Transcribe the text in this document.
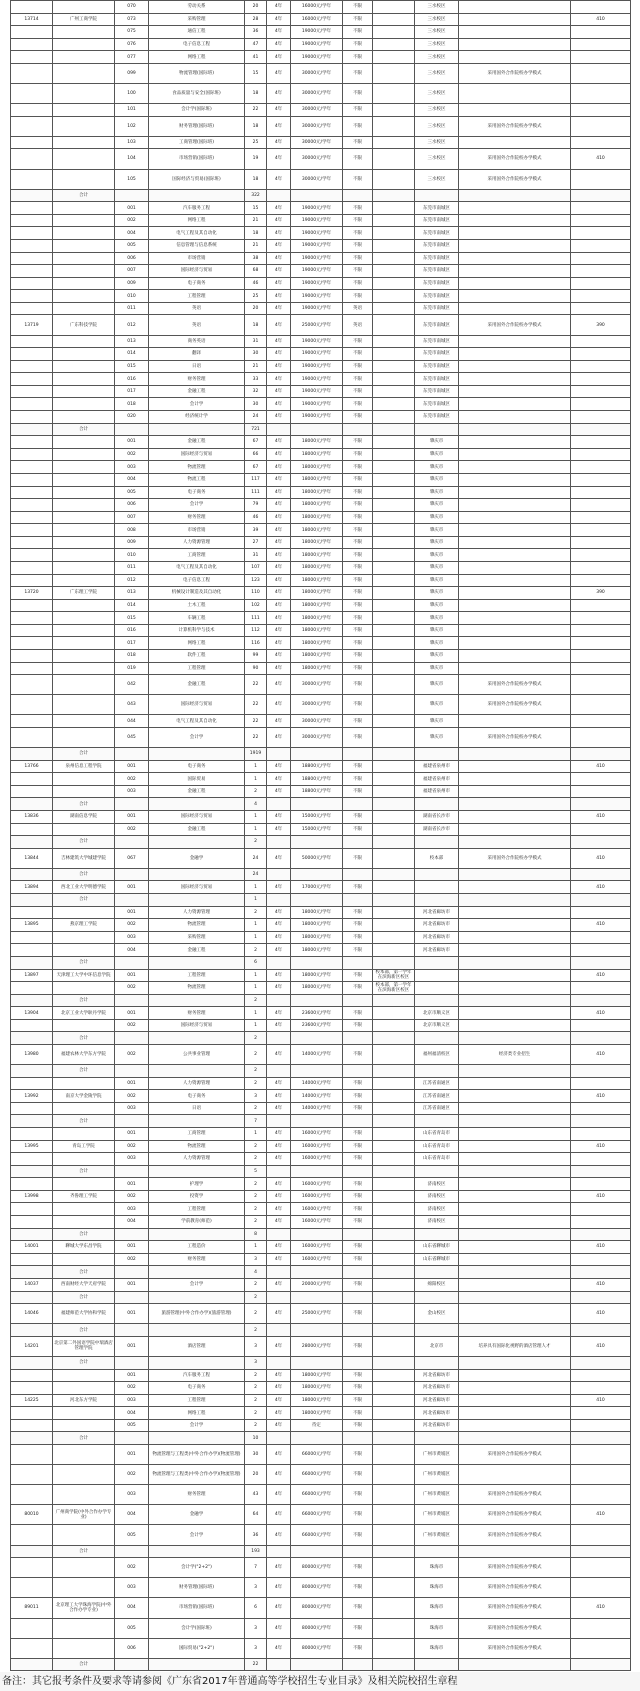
		070	劳动关系	20	4年	16000元/学年	不限		三水校区		
13714	广州工商学院	073	采购管理	28	4年	16000元/学年	不限		三水校区		410
		075	通信工程	36	4年	19000元/学年	不限		三水校区		
		076	电子信息工程	47	4年	19000元/学年	不限		三水校区		
		077	网络工程	41	4年	19000元/学年	不限		三水校区		
		099	物流管理(国际班)	15	4年	30000元/学年	不限		三水校区	采用国外合作院校办学模式	
		100	食品质量与安全(国际班)	18	4年	30000元/学年	不限		三水校区		
		101	会计学(国际班)	22	4年	30000元/学年	不限		三水校区		
		102	财务管理(国际班)	18	4年	30000元/学年	不限		三水校区	采用国外合作院校办学模式	
		103	工商管理(国际班)	25	4年	30000元/学年	不限		三水校区		
		104	市场营销(国际班)	19	4年	30000元/学年	不限		三水校区	采用国外合作院校办学模式	410
		105	国际经济与贸易(国际班)	18	4年	30000元/学年	不限		三水校区	采用国外合作院校办学模式	
	合计			322							
		001	汽车服务工程	15	4年	19000元/学年	不限		东莞市南城区		
		002	网络工程	21	4年	19000元/学年	不限		东莞市南城区		
		004	电气工程及其自动化	18	4年	19000元/学年	不限		东莞市南城区		
		005	信息管理与信息系统	21	4年	19000元/学年	不限		东莞市南城区		
		006	市场营销	38	4年	19000元/学年	不限		东莞市南城区		
		007	国际经济与贸易	68	4年	19000元/学年	不限		东莞市南城区		
		009	电子商务	46	4年	19000元/学年	不限		东莞市南城区		
		010	工程管理	25	4年	19000元/学年	不限		东莞市南城区		
		011	英语	20	4年	19000元/学年	英语		东莞市南城区		
13719	广东科技学院	012	英语	18	4年	25000元/学年	英语		东莞市南城区	采用国外合作院校办学模式	390
		013	商务英语	31	4年	19000元/学年	不限		东莞市南城区		
		014	翻译	30	4年	19000元/学年	不限		东莞市南城区		
		015	日语	21	4年	19000元/学年	不限		东莞市南城区		
		016	财务管理	33	4年	19000元/学年	不限		东莞市南城区		
		017	金融工程	32	4年	19000元/学年	不限		东莞市南城区		
		018	会计学	30	4年	19000元/学年	不限		东莞市南城区		
		020	经济统计学	24	4年	19000元/学年	不限		东莞市南城区		
	合计			721							
		001	金融工程	67	4年	18000元/学年	不限		肇庆市		
		002	国际经济与贸易	66	4年	18000元/学年	不限		肇庆市		
		003	物流管理	67	4年	18000元/学年	不限		肇庆市		
		004	物流工程	117	4年	18000元/学年	不限		肇庆市		
		005	电子商务	111	4年	18000元/学年	不限		肇庆市		
		006	会计学	79	4年	18000元/学年	不限		肇庆市		
		007	财务管理	46	4年	18000元/学年	不限		肇庆市		
		008	市场营销	39	4年	18000元/学年	不限		肇庆市		
		009	人力资源管理	27	4年	18000元/学年	不限		肇庆市		
		010	工商管理	31	4年	18000元/学年	不限		肇庆市		
		011	电气工程及其自动化	107	4年	18000元/学年	不限		肇庆市		
		012	电子信息工程	123	4年	18000元/学年	不限		肇庆市		
13720	广东理工学院	013	机械设计制造及其自动化	110	4年	18000元/学年	不限		肇庆市		390
		014	土木工程	102	4年	18000元/学年	不限		肇庆市		
		015	车辆工程	111	4年	18000元/学年	不限		肇庆市		
		016	计算机科学与技术	112	4年	18000元/学年	不限		肇庆市		
		017	网络工程	116	4年	18000元/学年	不限		肇庆市		
		018	软件工程	99	4年	18000元/学年	不限		肇庆市		
		019	工程管理	90	4年	18000元/学年	不限		肇庆市		
		042	金融工程	22	4年	30000元/学年	不限		肇庆市	采用国外合作院校办学模式	
		043	国际经济与贸易	22	4年	30000元/学年	不限		肇庆市	采用国外合作院校办学模式	
		044	电气工程及其自动化	22	4年	30000元/学年	不限		肇庆市		
		045	会计学	22	4年	30000元/学年	不限		肇庆市	采用国外合作院校办学模式	
	合计			1919							
13766	泉州信息工程学院	001	电子商务	1	4年	18800元/学年	不限		福建省泉州市		410
		002	国际贸易	1	4年	18800元/学年	不限		福建省泉州市		
		003	金融工程	2	4年	18800元/学年	不限		福建省泉州市		
	合计			4							
13836	湖南信息学院	001	国际经济与贸易	1	4年	15000元/学年	不限		湖南省长沙市		410
		002	金融工程	1	4年	15000元/学年	不限		湖南省长沙市		
	合计			2							
13844	吉林建筑大学城建学院	067	金融学	24	4年	50000元/学年	不限		校本部	采用国外合作院校办学模式	410
	合计			24							
13894	西北工业大学明德学院	001	国际经济与贸易	1	4年	17000元/学年	不限				410
	合计			1							
		001	人力资源管理	2	4年	18000元/学年	不限		河北省廊坊市		
13895	燕京理工学院	002	物流管理	1	4年	18000元/学年	不限		河北省廊坊市		410
		003	采购管理	1	4年	18000元/学年	不限		河北省廊坊市		
		004	金融工程	2	4年	18000元/学年	不限		河北省廊坊市		
	合计			6							
13897	天津理工大学中环信息学院	001	工程管理	1	4年	18000元/学年	不限	校本部，第一学年在滨海新区校区			410
		002	物流管理	1	4年	18000元/学年	不限	校本部，第一学年在滨海新区校区			
	合计			2							
13904	北京工业大学耿丹学院	001	财务管理	1	4年	23600元/学年	不限		北京市顺义区		410
		002	国际经济与贸易	1	4年	23600元/学年	不限		北京市顺义区		
	合计			2							
13980	福建农林大学东方学院	002	公共事业管理	2	4年	14000元/学年	不限		福州福清校区	经济类专业招生	410
	合计			2							
		001	人力资源管理	2	4年	14000元/学年	不限		江苏省南通区		
13992	南京大学金陵学院	002	电子商务	3	4年	14000元/学年	不限		江苏省南通区		410
		003	日语	2	4年	14000元/学年	不限		江苏省南通区		
	合计			7							
		001	工商管理	1	4年	16000元/学年	不限		山东省青岛市		
13995	青岛工学院	002	物流管理	2	4年	16000元/学年	不限		山东省青岛市		410
		003	人力资源管理	2	4年	16000元/学年	不限		山东省青岛市		
	合计			5							
		001	护理学	2	4年	16000元/学年	不限		济南校区		
13998	齐鲁理工学院	002	投资学	2	4年	16000元/学年	不限		济南校区		410
		003	工程管理	2	4年	16000元/学年	不限		济南校区		
		004	学前教育(师范)	2	4年	16000元/学年	不限		济南校区		
	合计			8							
14001	聊城大学东昌学院	001	工程造价	1	4年	16000元/学年	不限		山东省聊城市		410
		002	财务管理	3	4年	16000元/学年	不限		山东省聊城市		
	合计			4							
14037	西南财经大学天府学院	001	会计学	2	4年	20000元/学年	不限		绵阳校区		410
	合计			2							
14046	福建师范大学协和学院	001	旅游管理(中外合作办学)(旅游管理)	2	4年	25000元/学年	不限		金山校区		410
	合计			2							
14201	北京第二外国语学院中瑞酒店管理学院	001	酒店管理	3	4年	28000元/学年	不限		北京市	培养具有国际化视野的酒店管理人才	410
	合计			3							
		001	汽车服务工程	2	4年	18000元/学年	不限		河北省廊坊市		
		002	电子商务	2	4年	18000元/学年	不限		河北省廊坊市		
14225	河北东方学院	003	工程管理	2	4年	18000元/学年	不限		河北省廊坊市		410
		004	网络工程	2	4年	18000元/学年	不限		河北省廊坊市		
		005	会计学	2	4年	待定	不限		河北省廊坊市		
	合计			10							
		001	物流管理与工程类(中外合作办学)(物流管理)	30	4年	66000元/学年	不限		广州市黄埔区	采用国外合作院校办学模式	
		002	物流管理与工程类(中外合作办学)(物流管理)	20	4年	66000元/学年	不限		广州市黄埔区		
		003	财务管理	43	4年	66000元/学年	不限		广州市黄埔区	采用国外合作院校办学模式	
80010	广州商学院(中外合作办学专业)	004	金融学	64	4年	66000元/学年	不限		广州市黄埔区	采用国外合作院校办学模式	410
		005	会计学	36	4年	66000元/学年	不限		广州市黄埔区	采用国外合作院校办学模式	
	合计			193							
		002	会计学("2+2")	7	4年	80000元/学年	不限		珠海市	采用国外合作院校办学模式	
		003	财务管理(国际班)	3	4年	80000元/学年	不限		珠海市	采用国外合作院校办学模式	
89011	北京理工大学珠海学院(中外合作办学专业)	004	市场营销(国际班)	6	4年	80000元/学年	不限		珠海市	采用国外合作院校办学模式	410
		005	会计学(国际班)	3	4年	80000元/学年	不限		珠海市	采用国外合作院校办学模式	
		006	国际贸易("2+2")	3	4年	80000元/学年	不限		珠海市	采用国外合作院校办学模式	
	合计			22							
备注：其它报考条件及要求等请参阅《广东省2017年普通高等学校招生专业目录》及相关院校招生章程
